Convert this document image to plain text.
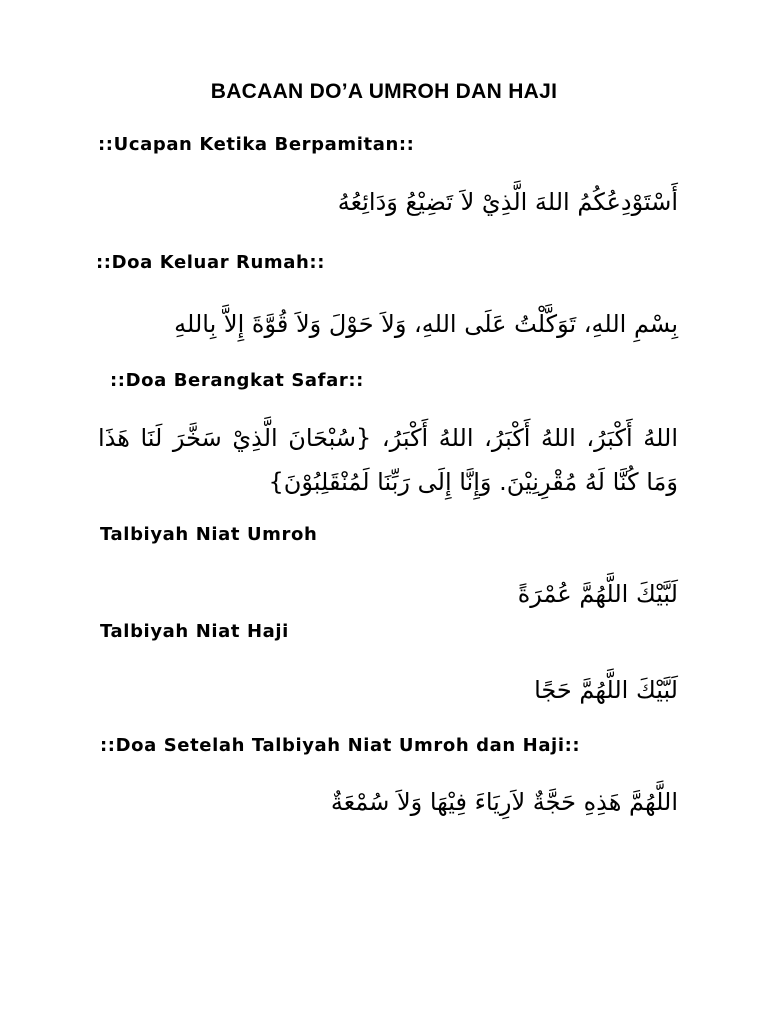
BACAAN DO’A UMROH DAN HAJI
::Ucapan Ketika Berpamitan::

أَسْتَوْدِعُكُمُ اللهَ الَّذِيْ لاَ تَضِيْعُ وَدَائِعُهُ

::Doa Keluar Rumah::

بِسْمِ اللهِ، تَوَكَّلْتُ عَلَى اللهِ، وَلاَ حَوْلَ وَلاَ قُوَّةَ إِلاَّ بِاللهِ

::Doa Berangkat Safar::

اللهُ أَكْبَرُ، اللهُ أَكْبَرُ، اللهُ أَكْبَرُ، {سُبْحَانَ الَّذِيْ سَخَّرَ لَنَا هَذَا وَمَا كُنَّا لَهُ مُقْرِنِيْنَ. وَإِنَّا إِلَى رَبِّنَا لَمُنْقَلِبُوْنَ}

Talbiyah Niat Umroh

لَبَّيْكَ اللَّهُمَّ عُمْرَةً

Talbiyah Niat Haji

لَبَّيْكَ اللَّهُمَّ حَجًا

::Doa Setelah Talbiyah Niat Umroh dan Haji::

اللَّهُمَّ هَذِهِ حَجَّةٌ لاَرِيَاءَ فِيْهَا وَلاَ سُمْعَةٌ
